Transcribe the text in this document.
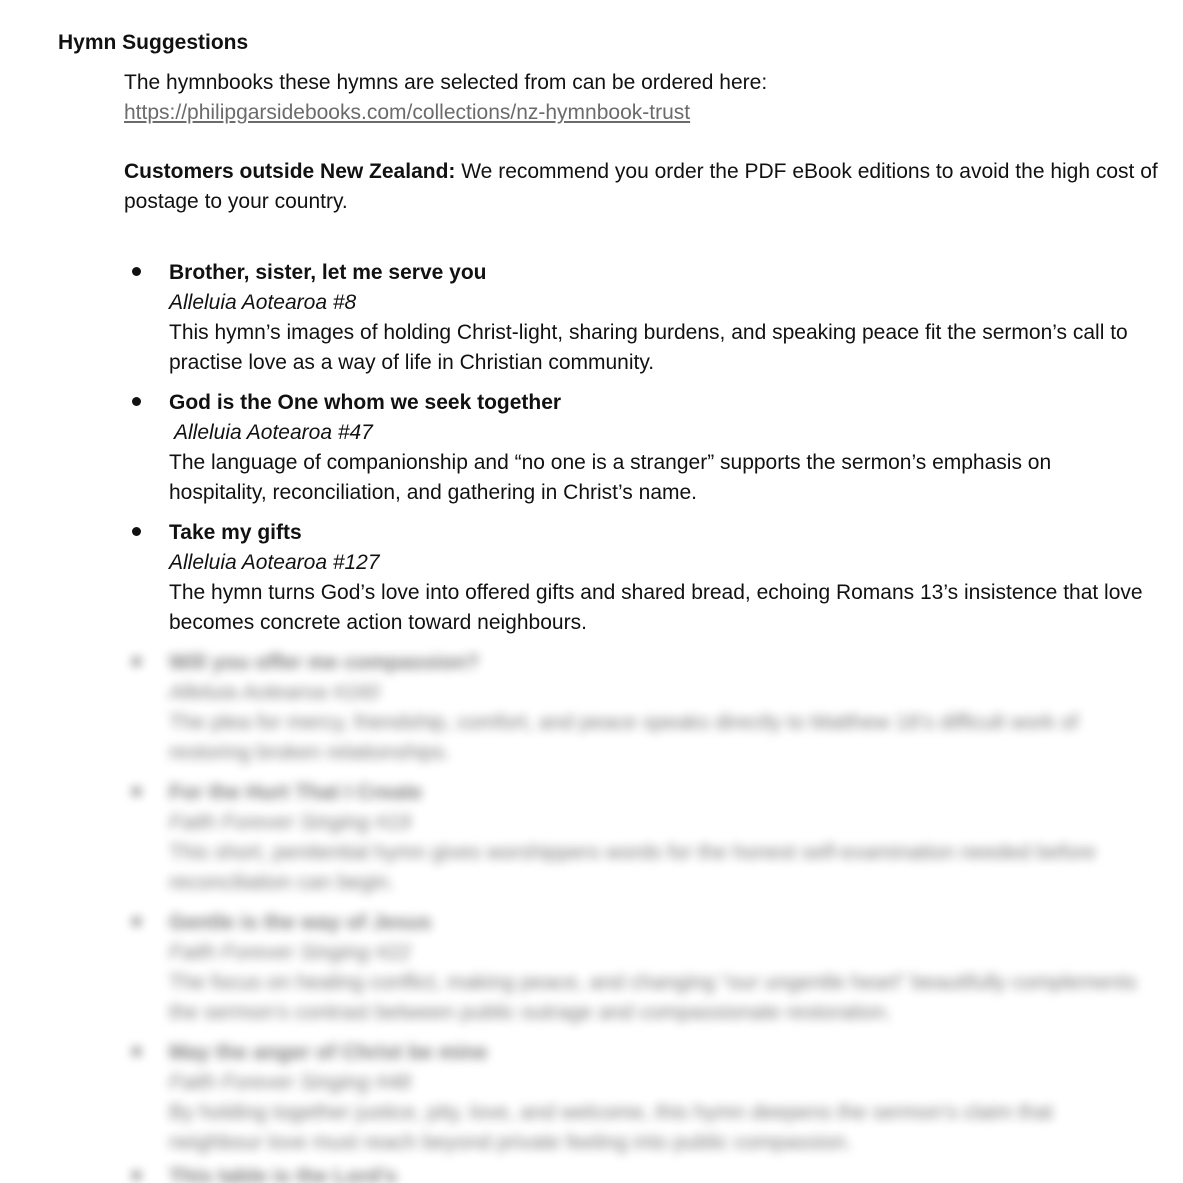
Hymn Suggestions
The hymnbooks these hymns are selected from can be ordered here:
https://philipgarsidebooks.com/collections/nz-hymnbook-trust
Customers outside New Zealand: We recommend you order the PDF eBook editions to avoid the high cost of postage to your country.
Brother, sister, let me serve you
Alleluia Aotearoa #8
This hymn’s images of holding Christ-light, sharing burdens, and speaking peace fit the sermon’s call to practise love as a way of life in Christian community.
God is the One whom we seek together
Alleluia Aotearoa #47
The language of companionship and “no one is a stranger” supports the sermon’s emphasis on hospitality, reconciliation, and gathering in Christ’s name.
Take my gifts
Alleluia Aotearoa #127
The hymn turns God’s love into offered gifts and shared bread, echoing Romans 13’s insistence that love becomes concrete action toward neighbours.
Will you offer me compassion?
Alleluia Aotearoa #160
The plea for mercy, friendship, comfort, and peace speaks directly to Matthew 18’s difficult work of restoring broken relationships.
For the Hurt That I Create
Faith Forever Singing #19
This short, penitential hymn gives worshippers words for the honest self-examination needed before reconciliation can begin.
Gentle is the way of Jesus
Faith Forever Singing #22
The focus on healing conflict, making peace, and changing “our ungentle heart” beautifully complements the sermon’s contrast between public outrage and compassionate restoration.
May the anger of Christ be mine
Faith Forever Singing #48
By holding together justice, pity, love, and welcome, this hymn deepens the sermon’s claim that neighbour love must reach beyond private feeling into public compassion.
This table is the Lord’s
